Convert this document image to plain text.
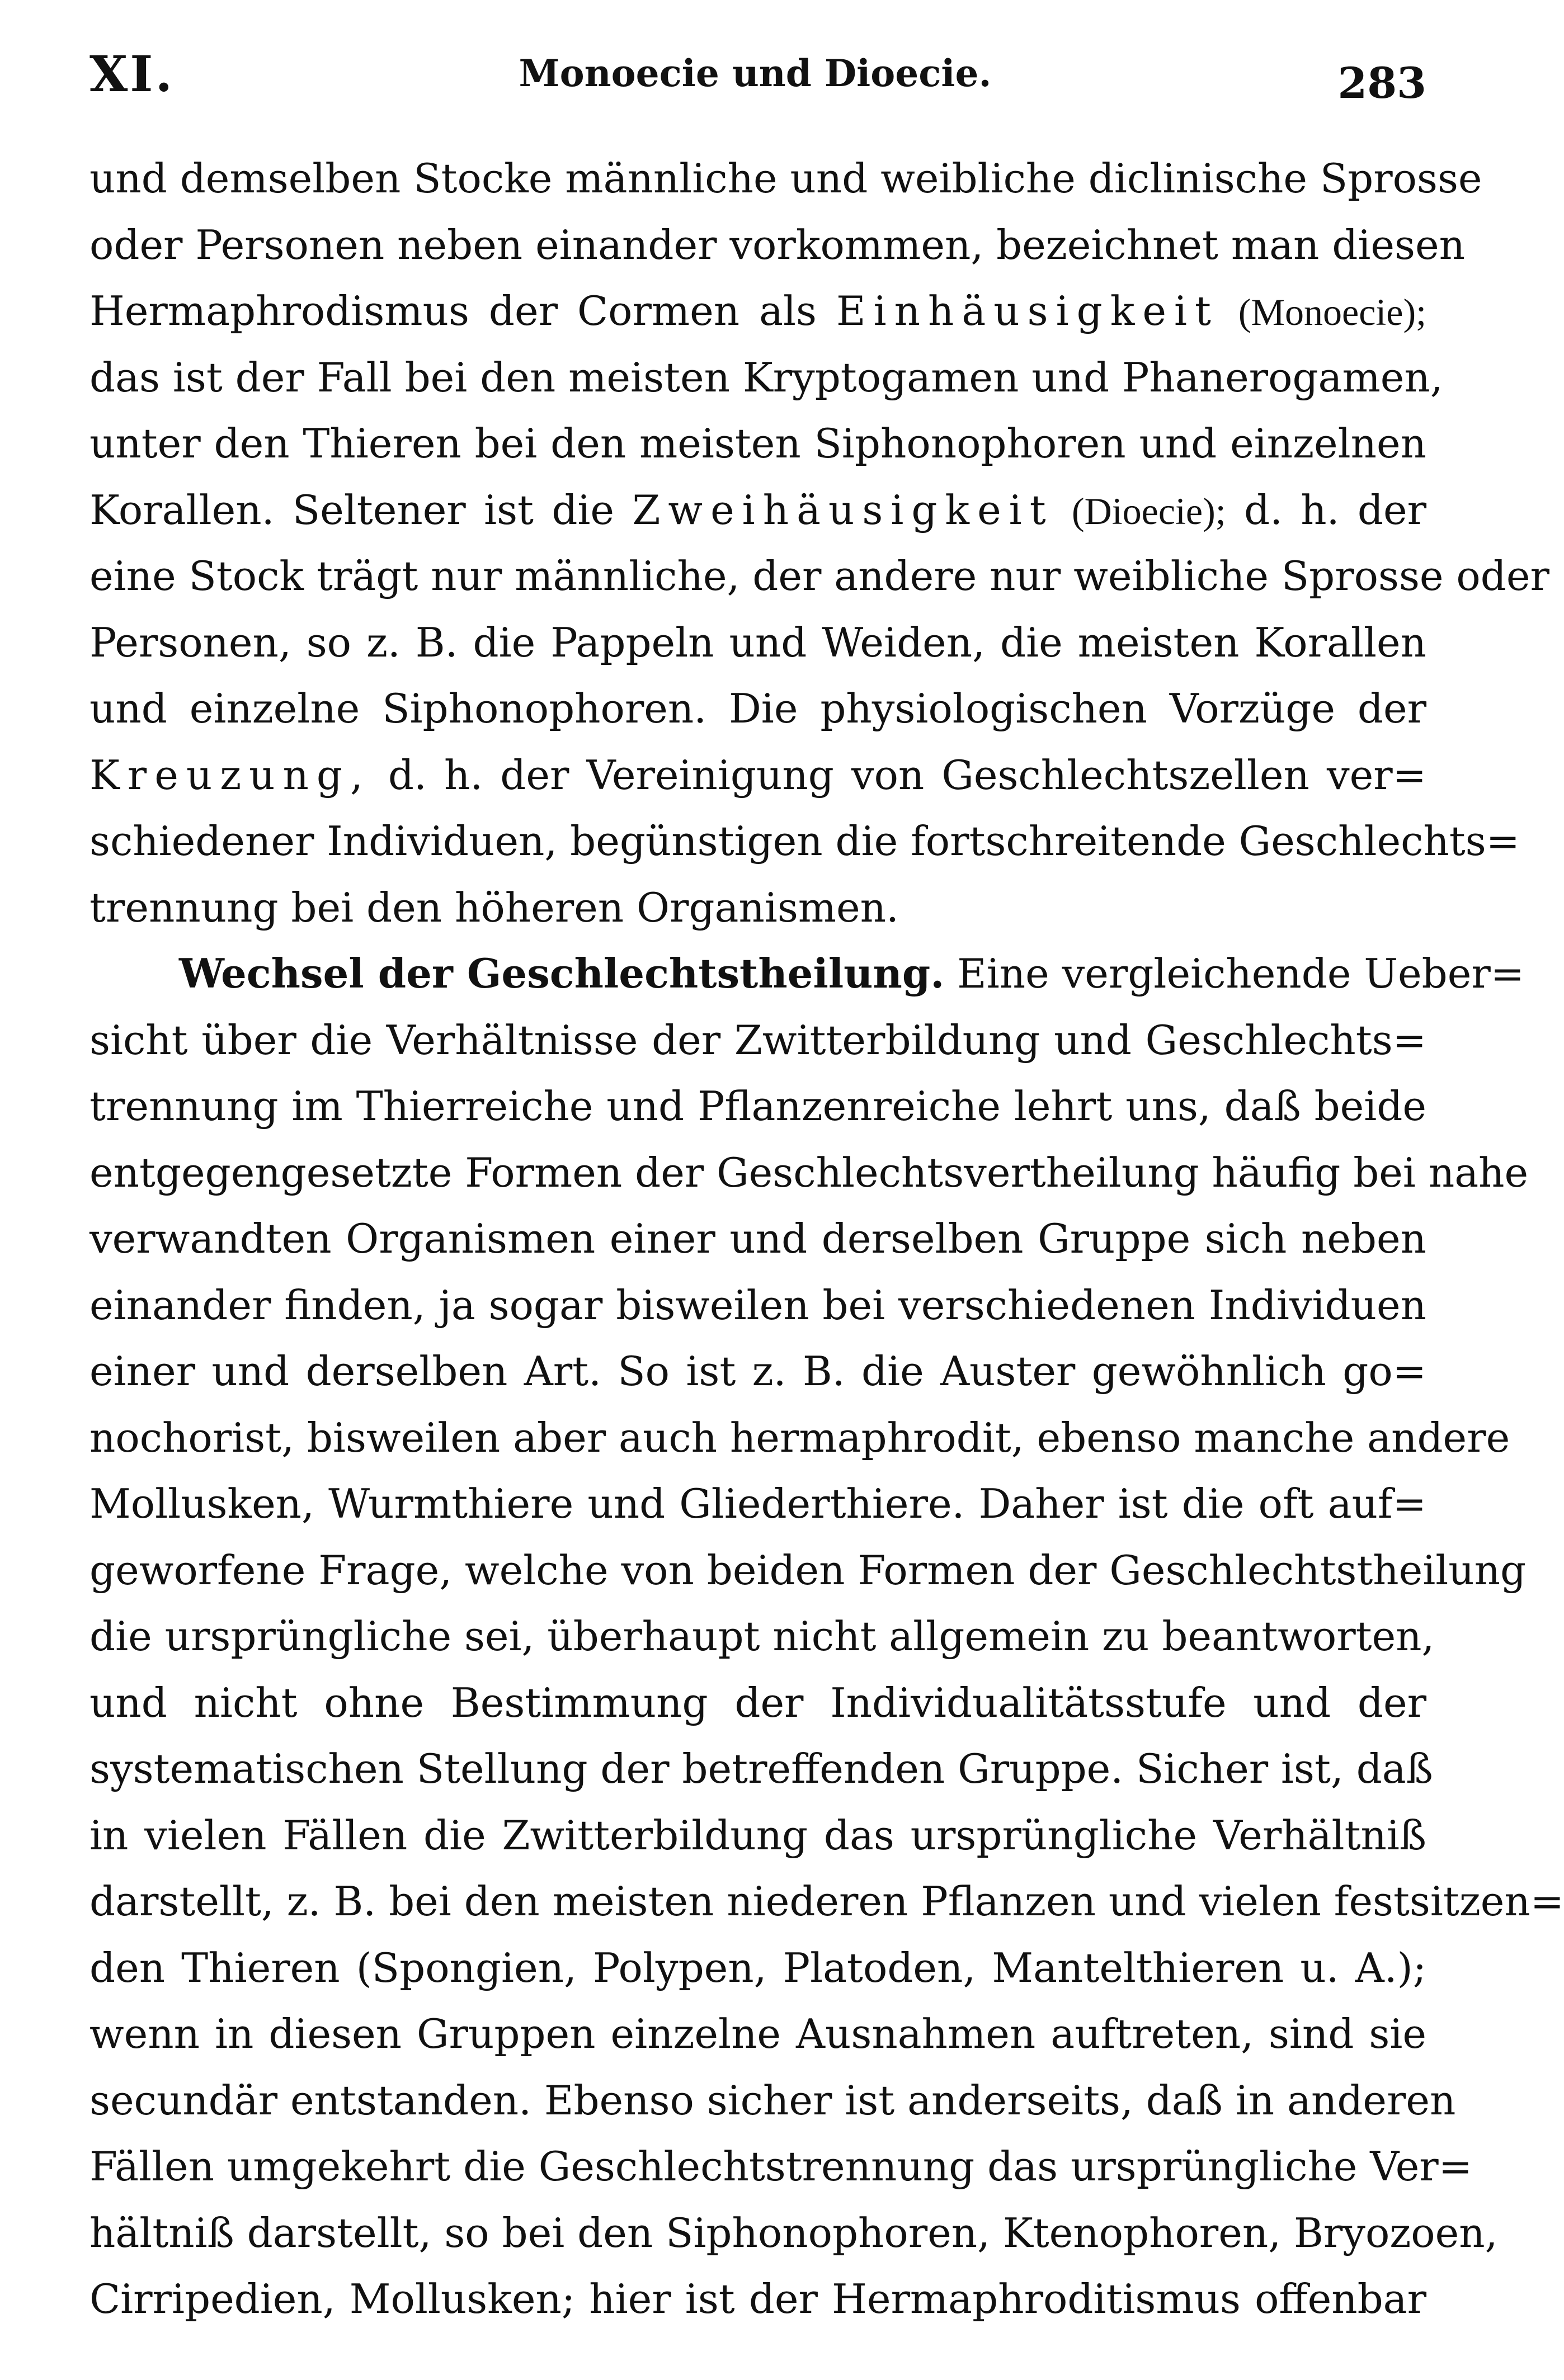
XI.	Monoecie und Dioecie.	283
und demselben Stocke männliche und weibliche diclinische Sprosse
oder Personen neben einander vorkommen, bezeichnet man diesen
Hermaphrodismus der Cormen als Einhäusigkeit (Monoecie);
das ist der Fall bei den meisten Kryptogamen und Phanerogamen,
unter den Thieren bei den meisten Siphonophoren und einzelnen
Korallen. Seltener ist die Zweihäusigkeit (Dioecie); d. h. der
eine Stock trägt nur männliche, der andere nur weibliche Sprosse oder
Personen, so z. B. die Pappeln und Weiden, die meisten Korallen
und einzelne Siphonophoren. Die physiologischen Vorzüge der
Kreuzung, d. h. der Vereinigung von Geschlechtszellen ver=
schiedener Individuen, begünstigen die fortschreitende Geschlechts=
trennung bei den höheren Organismen.
Wechsel der Geschlechtstheilung. Eine vergleichende Ueber=
sicht über die Verhältnisse der Zwitterbildung und Geschlechts=
trennung im Thierreiche und Pflanzenreiche lehrt uns, daß beide
entgegengesetzte Formen der Geschlechtsvertheilung häufig bei nahe
verwandten Organismen einer und derselben Gruppe sich neben
einander finden, ja sogar bisweilen bei verschiedenen Individuen
einer und derselben Art. So ist z. B. die Auster gewöhnlich go=
nochorist, bisweilen aber auch hermaphrodit, ebenso manche andere
Mollusken, Wurmthiere und Gliederthiere. Daher ist die oft auf=
geworfene Frage, welche von beiden Formen der Geschlechtstheilung
die ursprüngliche sei, überhaupt nicht allgemein zu beantworten,
und nicht ohne Bestimmung der Individualitätsstufe und der
systematischen Stellung der betreffenden Gruppe. Sicher ist, daß
in vielen Fällen die Zwitterbildung das ursprüngliche Verhältniß
darstellt, z. B. bei den meisten niederen Pflanzen und vielen festsitzen=
den Thieren (Spongien, Polypen, Platoden, Mantelthieren u. A.);
wenn in diesen Gruppen einzelne Ausnahmen auftreten, sind sie
secundär entstanden. Ebenso sicher ist anderseits, daß in anderen
Fällen umgekehrt die Geschlechtstrennung das ursprüngliche Ver=
hältniß darstellt, so bei den Siphonophoren, Ktenophoren, Bryozoen,
Cirripedien, Mollusken; hier ist der Hermaphroditismus offenbar
